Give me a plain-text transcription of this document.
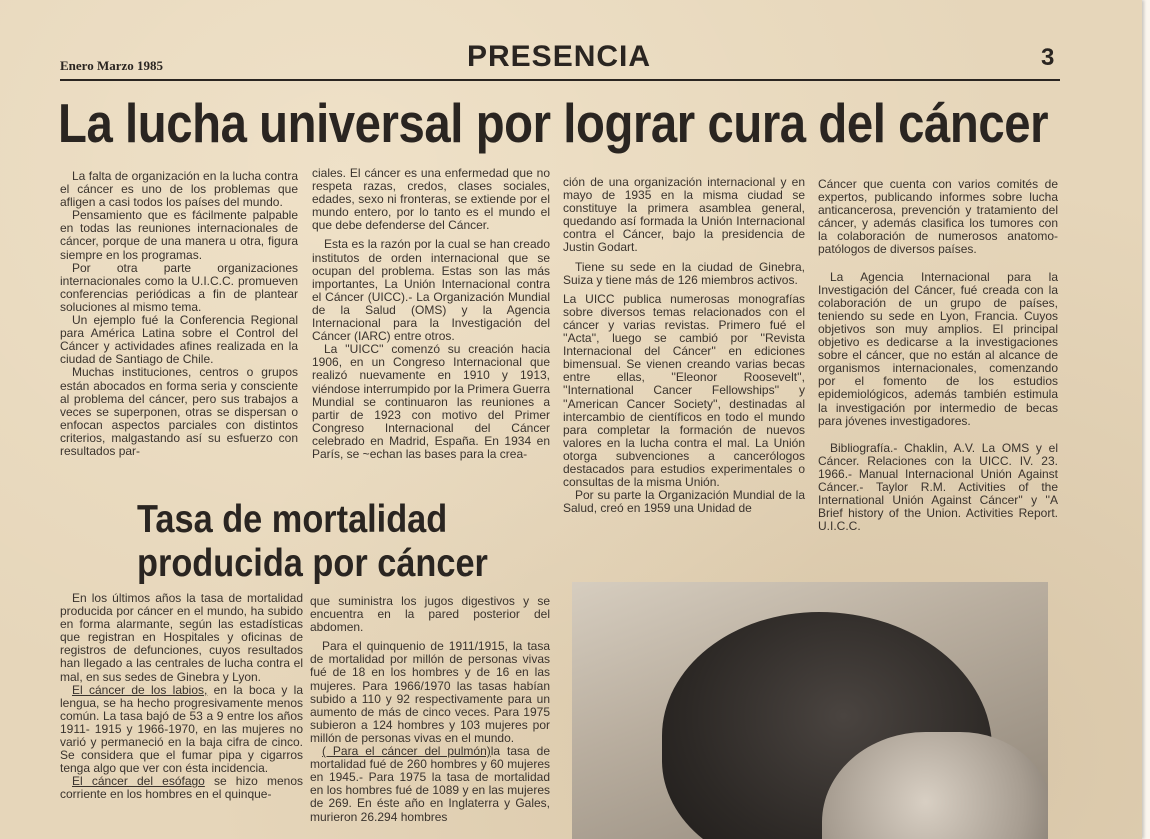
Enero Marzo 1985	PRESENCIA	3
La lucha universal por lograr cura del cáncer

La falta de organización en la lucha contra el cáncer es uno de los problemas que afligen a casi todos los países del mundo.

Pensamiento que es fácilmente palpable en todas las reuniones internacionales de cáncer, porque de una manera u otra, figura siempre en los programas.

Por otra parte organizaciones internacionales como la U.I.C.C. promueven conferencias periódicas a fin de plantear soluciones al mismo tema.

Un ejemplo fué la Conferencia Regional para América Latina sobre el Control del Cáncer y actividades afines realizada en la ciudad de Santiago de Chile.

Muchas instituciones, centros o grupos están abocados en forma seria y consciente al problema del cáncer, pero sus trabajos a veces se superponen, otras se dispersan o enfocan aspectos parciales con distintos criterios, malgastando así su esfuerzo con resultados par-

ciales. El cáncer es una enfermedad que no respeta razas, credos, clases sociales, edades, sexo ni fronteras, se extiende por el mundo entero, por lo tanto es el mundo el que debe defenderse del Cáncer.

Esta es la razón por la cual se han creado institutos de orden internacional que se ocupan del problema. Estas son las más importantes, La Unión Internacional contra el Cáncer (UICC).- La Organización Mundial de la Salud (OMS) y la Agencia Internacional para la Investigación del Cáncer (IARC) entre otros.

La ''UICC'' comenzó su creación hacia 1906, en un Congreso Internacional que realizó nuevamente en 1910 y 1913, viéndose interrumpido por la Primera Guerra Mundial se continuaron las reuniones a partir de 1923 con motivo del Primer Congreso Internacional del Cáncer celebrado en Madrid, España. En 1934 en París, se ~echan las bases para la crea-

ción de una organización internacional y en mayo de 1935 en la misma ciudad se constituye la primera asamblea general, quedando así formada la Unión Internacional contra el Cáncer, bajo la presidencia de Justin Godart.

Tiene su sede en la ciudad de Ginebra, Suiza y tiene más de 126 miembros activos.

La UICC publica numerosas monografías sobre diversos temas relacionados con el cáncer y varias revistas. Primero fué el ''Acta'', luego se cambió por ''Revista Internacional del Cáncer'' en ediciones bimensual. Se vienen creando varias becas entre ellas, ''Eleonor Roosevelt'', ''International Cancer Fellowships'' y ''American Cancer Society'', destinadas al intercambio de científicos en todo el mundo para completar la formación de nuevos valores en la lucha contra el mal. La Unión otorga subvenciones a cancerólogos destacados para estudios experimentales o consultas de la misma Unión.

Por su parte la Organización Mundial de la Salud, creó en 1959 una Unidad de

Cáncer que cuenta con varios comités de expertos, publicando informes sobre lucha anticancerosa, prevención y tratamiento del cáncer, y además clasifica los tumores con la colaboración de numerosos anatomo-patólogos de diversos países.

La Agencia Internacional para la Investigación del Cáncer, fué creada con la colaboración de un grupo de países, teniendo su sede en Lyon, Francia. Cuyos objetivos son muy amplios. El principal objetivo es dedicarse a la investigaciones sobre el cáncer, que no están al alcance de organismos internacionales, comenzando por el fomento de los estudios epidemiológicos, además también estimula la investigación por intermedio de becas para jóvenes investigadores.

Bibliografía.- Chaklin, A.V. La OMS y el Cáncer. Relaciones con la UICC. IV. 23. 1966.- Manual Internacional Unión Against Cáncer.- Taylor R.M. Activities of the International Unión Against Cáncer'' y ''A Brief history of the Union. Activities Report. U.I.C.C.

Tasa de mortalidad
producida por cáncer

En los últimos años la tasa de mortalidad producida por cáncer en el mundo, ha subido en forma alarmante, según las estadísticas que registran en Hospitales y oficinas de registros de defunciones, cuyos resultados han llegado a las centrales de lucha contra el mal, en sus sedes de Ginebra y Lyon.

El cáncer de los labios, en la boca y la lengua, se ha hecho progresivamente menos común. La tasa bajó de 53 a 9 entre los años 1911- 1915 y 1966-1970, en las mujeres no varió y permaneció en la baja cifra de cinco. Se considera que el fumar pipa y cigarros tenga algo que ver con ésta incidencia.

El cáncer del esófago se hizo menos corriente en los hombres en el quinque-

que suministra los jugos digestivos y se encuentra en la pared posterior del abdomen.

Para el quinquenio de 1911/1915, la tasa de mortalidad por millón de personas vivas fué de 18 en los hombres y de 16 en las mujeres. Para 1966/1970 las tasas habían subido a 110 y 92 respectivamente para un aumento de más de cinco veces. Para 1975 subieron a 124 hombres y 103 mujeres por millón de personas vivas en el mundo.

( Para el cáncer del pulmón)la tasa de mortalidad fué de 260 hombres y 60 mujeres en 1945.- Para 1975 la tasa de mortalidad en los hombres fué de 1089 y en las mujeres de 269. En éste año en Inglaterra y Gales, murieron 26.294 hombres
